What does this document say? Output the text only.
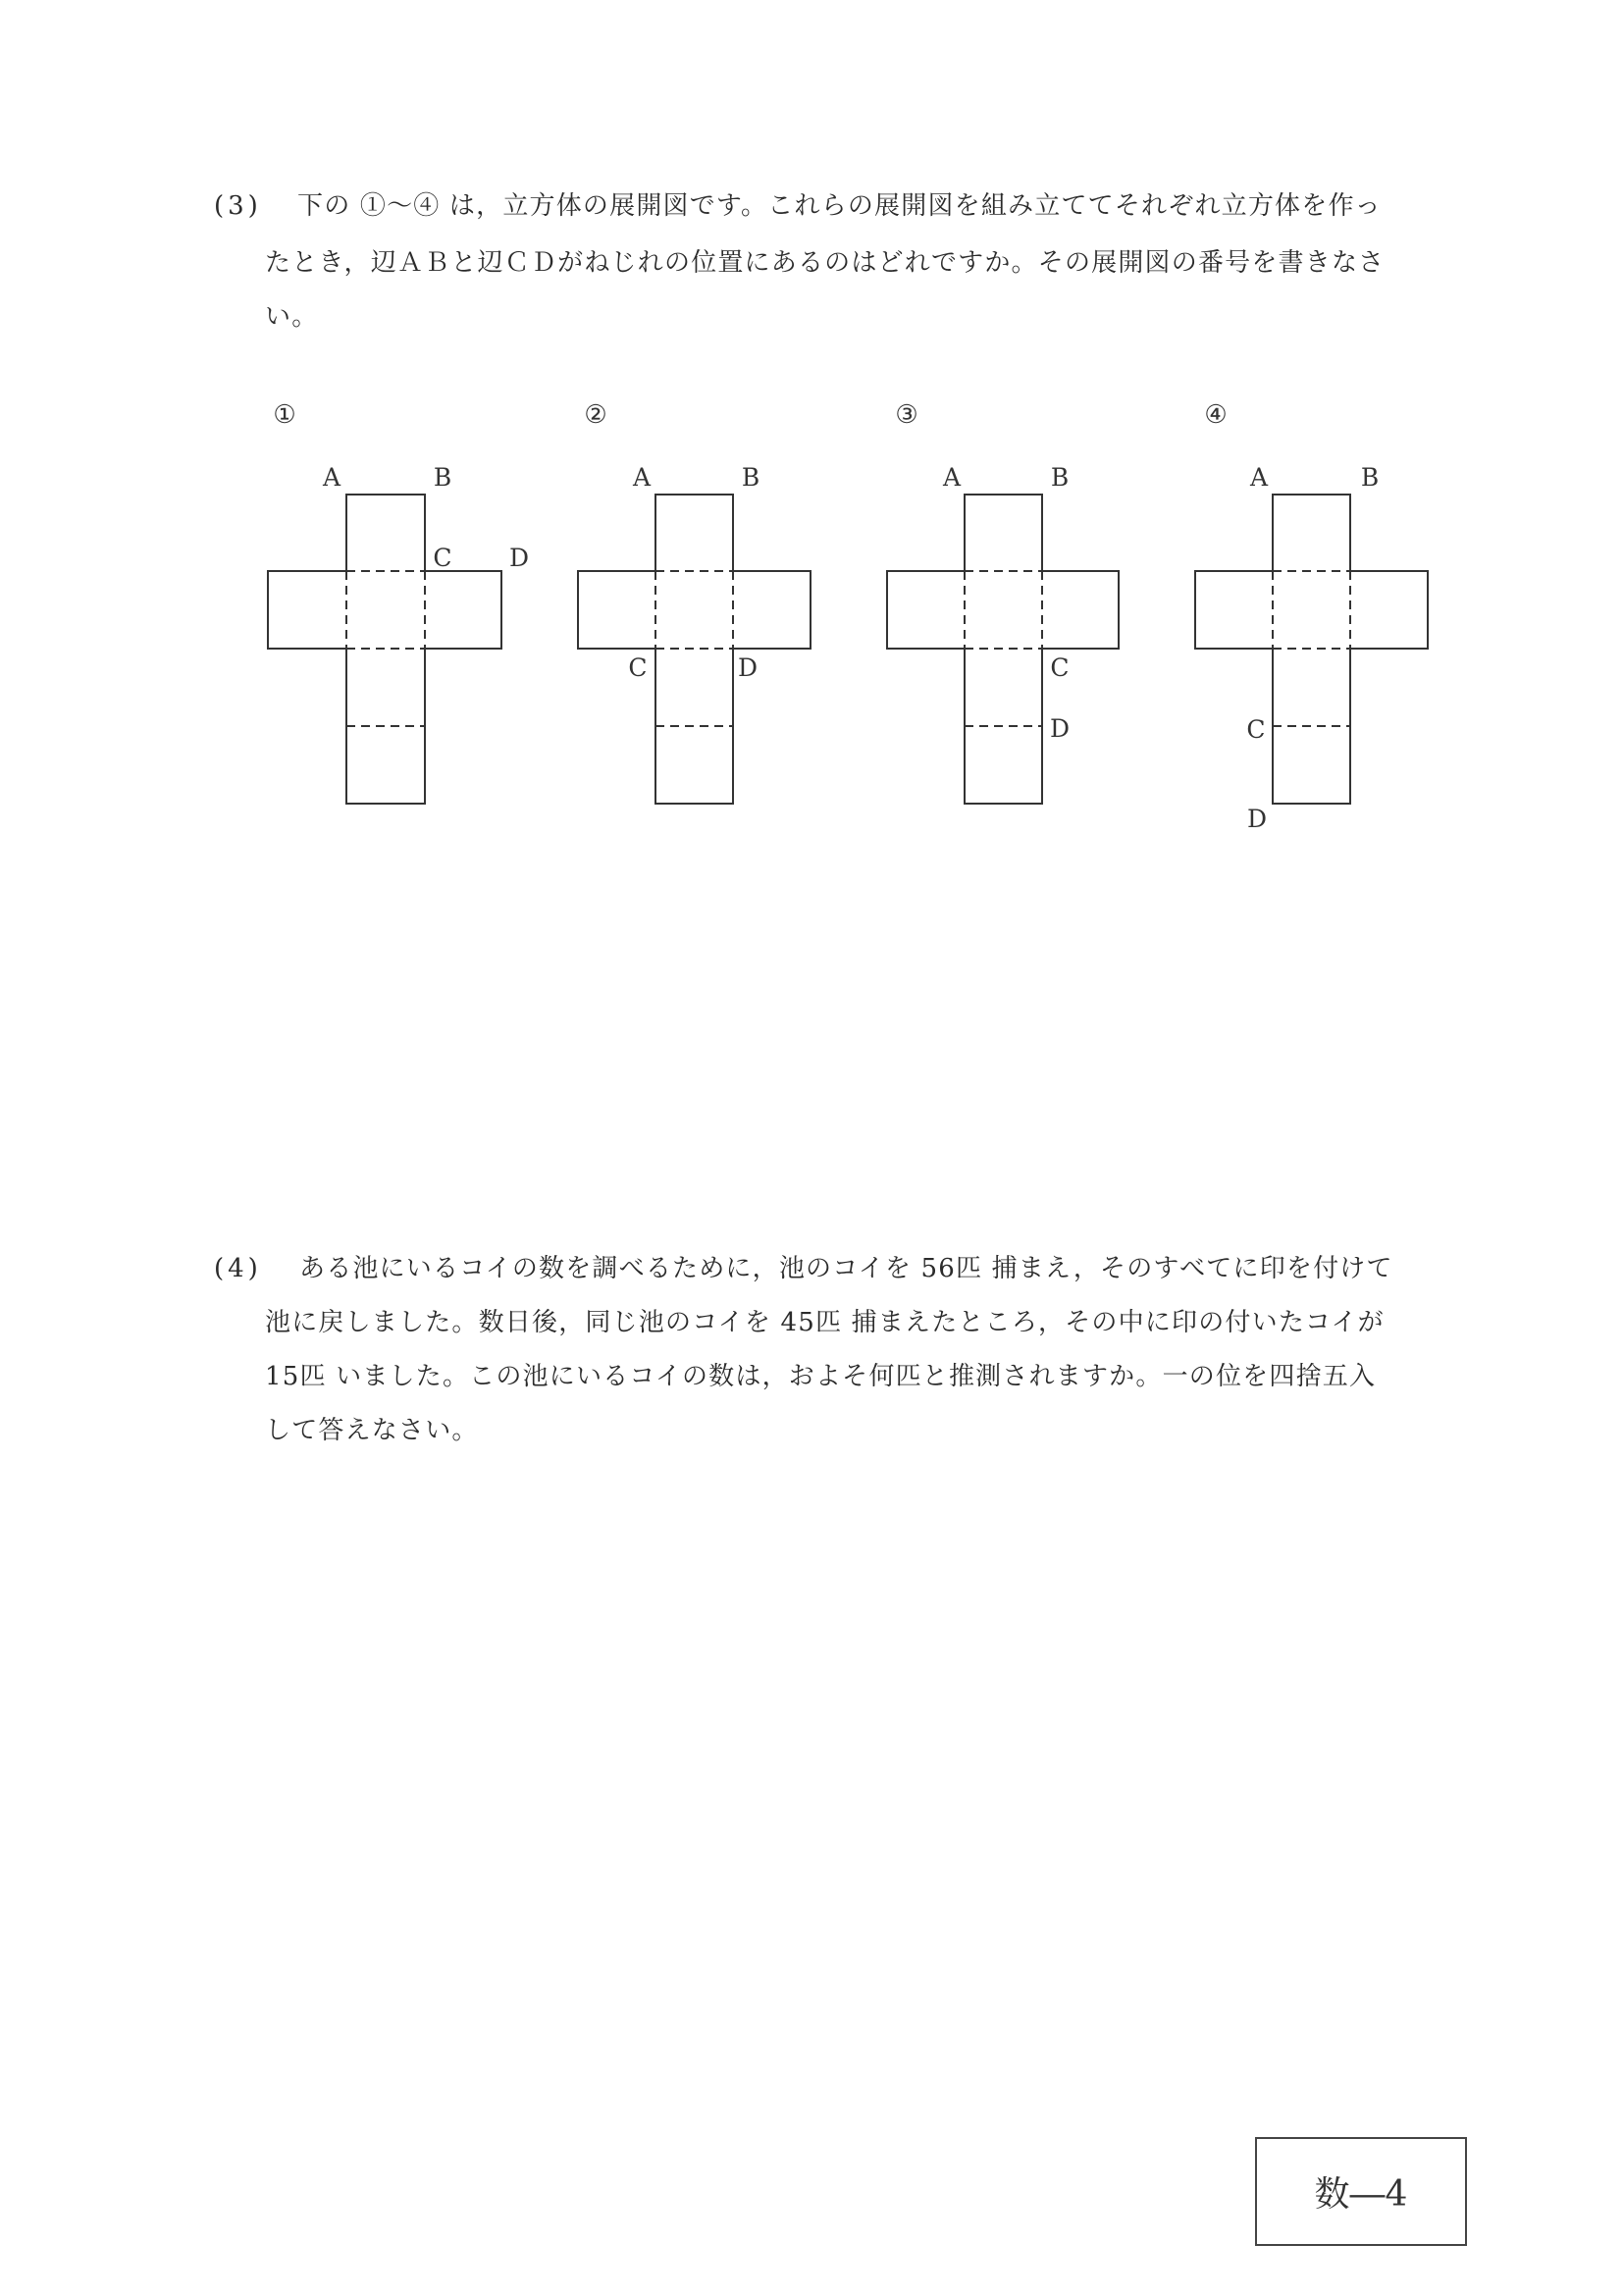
(3) 下の ①～④ は，立方体の展開図です。これらの展開図を組み立ててそれぞれ立方体を作っ
たとき，辺ＡＢと辺ＣＤがねじれの位置にあるのはどれですか。その展開図の番号を書きなさ
い。
①	②	③	④
A	B
C D
A	B
C	D
A	B
C
D
A	B
C
D
(4) ある池にいるコイの数を調べるために，池のコイを 56匹 捕まえ，そのすべてに印を付けて
池に戻しました。数日後，同じ池のコイを 45匹 捕まえたところ，その中に印の付いたコイが
15匹 いました。この池にいるコイの数は，およそ何匹と推測されますか。一の位を四捨五入
して答えなさい。
数―4
